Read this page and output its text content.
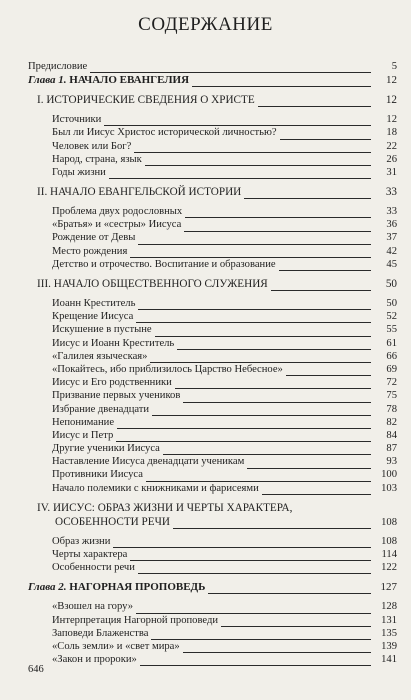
СОДЕРЖАНИЕ
Предисловие	5
Глава 1. НАЧАЛО ЕВАНГЕЛИЯ	12
I. ИСТОРИЧЕСКИЕ СВЕДЕНИЯ О ХРИСТЕ	12
Источники	12
Был ли Иисус Христос исторической личностью?	18
Человек или Бог?	22
Народ, страна, язык	26
Годы жизни	31
II. НАЧАЛО ЕВАНГЕЛЬСКОЙ ИСТОРИИ	33
Проблема двух родословных	33
«Братья» и «сестры» Иисуса	36
Рождение от Девы	37
Место рождения	42
Детство и отрочество. Воспитание и образование	45
III. НАЧАЛО ОБЩЕСТВЕННОГО СЛУЖЕНИЯ	50
Иоанн Креститель	50
Крещение Иисуса	52
Искушение в пустыне	55
Иисус и Иоанн Креститель	61
«Галилея языческая»	66
«Покайтесь, ибо приблизилось Царство Небесное»	69
Иисус и Его родственники	72
Призвание первых учеников	75
Избрание двенадцати	78
Непонимание	82
Иисус и Петр	84
Другие ученики Иисуса	87
Наставление Иисуса двенадцати ученикам	93
Противники Иисуса	100
Начало полемики с книжниками и фарисеями	103
IV. ИИСУС: ОБРАЗ ЖИЗНИ И ЧЕРТЫ ХАРАКТЕРА,
ОСОБЕННОСТИ РЕЧИ	108
Образ жизни	108
Черты характера	114
Особенности речи	122
Глава 2. НАГОРНАЯ ПРОПОВЕДЬ	127
«Взошел на гору»	128
Интерпретация Нагорной проповеди	131
Заповеди Блаженства	135
«Соль земли» и «свет мира»	139
«Закон и пророки»	141
646
